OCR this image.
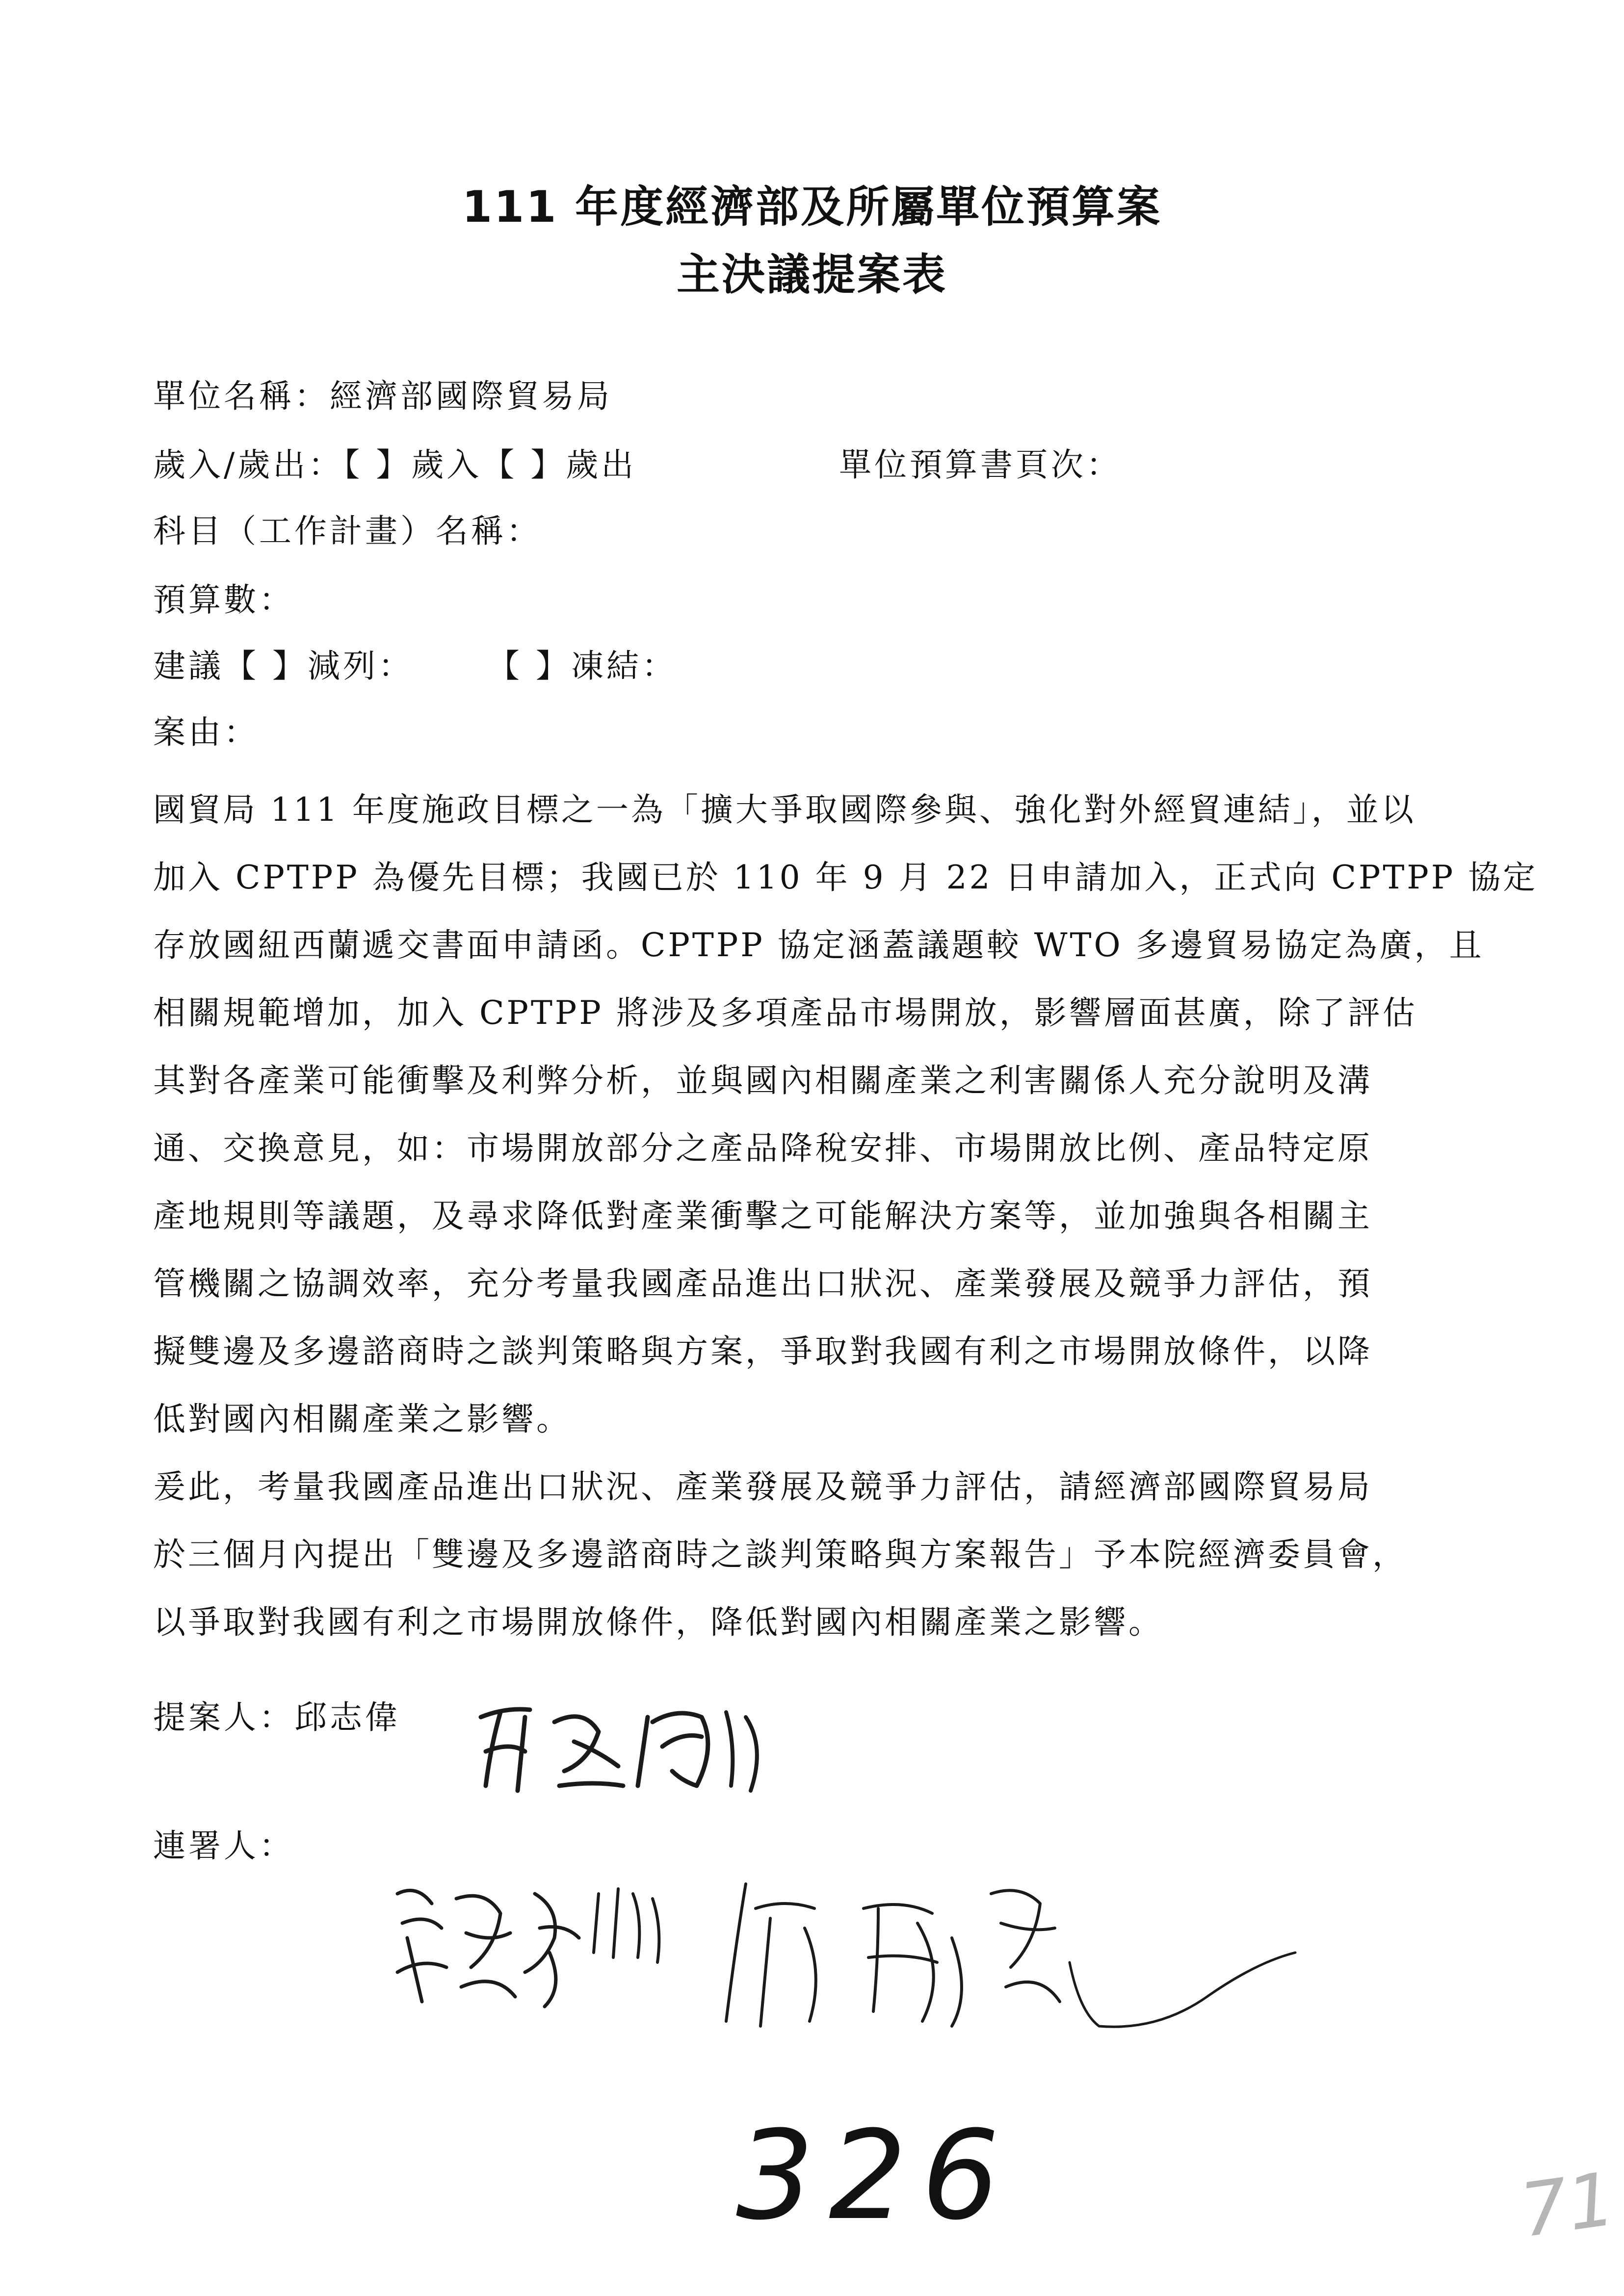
111 年度經濟部及所屬單位預算案
主決議提案表
單位名稱：經濟部國際貿易局
歲入/歲出：【 】歲入【 】歲出	單位預算書頁次：
科目（工作計畫）名稱：
預算數：
建議【 】減列：　　　【 】凍結：
案由：
國貿局 111 年度施政目標之一為「擴大爭取國際參與、強化對外經貿連結」，並以
加入 CPTPP 為優先目標；我國已於 110 年 9 月 22 日申請加入，正式向 CPTPP 協定
存放國紐西蘭遞交書面申請函。CPTPP 協定涵蓋議題較 WTO 多邊貿易協定為廣，且
相關規範增加，加入 CPTPP 將涉及多項產品市場開放，影響層面甚廣，除了評估
其對各產業可能衝擊及利弊分析，並與國內相關產業之利害關係人充分說明及溝
通、交換意見，如：市場開放部分之產品降稅安排、市場開放比例、產品特定原
產地規則等議題，及尋求降低對產業衝擊之可能解決方案等，並加強與各相關主
管機關之協調效率，充分考量我國產品進出口狀況、產業發展及競爭力評估，預
擬雙邊及多邊諮商時之談判策略與方案，爭取對我國有利之市場開放條件，以降
低對國內相關產業之影響。
爰此，考量我國產品進出口狀況、產業發展及競爭力評估，請經濟部國際貿易局
於三個月內提出「雙邊及多邊諮商時之談判策略與方案報告」予本院經濟委員會，
以爭取對我國有利之市場開放條件，降低對國內相關產業之影響。
提案人：邱志偉
連署人：
326	71
